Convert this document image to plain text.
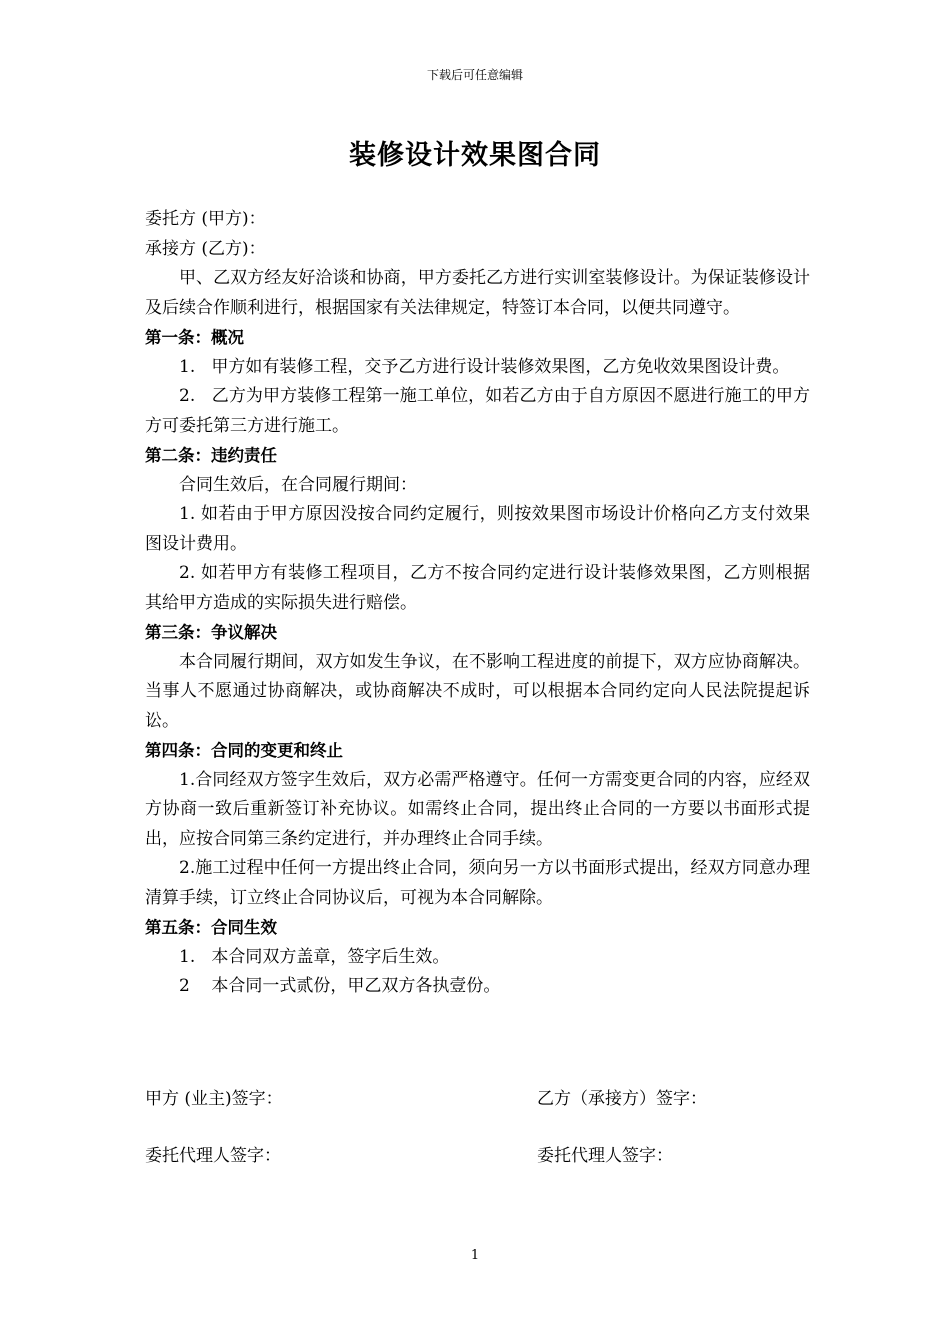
下载后可任意编辑
装修设计效果图合同

委托方 (甲方)：

承接方 (乙方)：

甲、乙双方经友好洽谈和协商，甲方委托乙方进行实训室装修设计。为保证装修设计及后续合作顺利进行，根据国家有关法律规定，特签订本合同，以便共同遵守。

第一条：概况

1.   甲方如有装修工程，交予乙方进行设计装修效果图，乙方免收效果图设计费。

2.   乙方为甲方装修工程第一施工单位，如若乙方由于自方原因不愿进行施工的甲方方可委托第三方进行施工。

第二条：违约责任

合同生效后，在合同履行期间：

1. 如若由于甲方原因没按合同约定履行，则按效果图市场设计价格向乙方支付效果图设计费用。

2. 如若甲方有装修工程项目，乙方不按合同约定进行设计装修效果图，乙方则根据其给甲方造成的实际损失进行赔偿。

第三条：争议解决

本合同履行期间，双方如发生争议，在不影响工程进度的前提下，双方应协商解决。当事人不愿通过协商解决，或协商解决不成时，可以根据本合同约定向人民法院提起诉讼。

第四条：合同的变更和终止

1.合同经双方签字生效后，双方必需严格遵守。任何一方需变更合同的内容，应经双方协商一致后重新签订补充协议。如需终止合同，提出终止合同的一方要以书面形式提出，应按合同第三条约定进行，并办理终止合同手续。

2.施工过程中任何一方提出终止合同，须向另一方以书面形式提出，经双方同意办理清算手续，订立终止合同协议后，可视为本合同解除。

第五条：合同生效

1.   本合同双方盖章，签字后生效。

2    本合同一式贰份，甲乙双方各执壹份。

甲方 (业主)签字：	乙方（承接方）签字：
委托代理人签字：	委托代理人签字：
1
